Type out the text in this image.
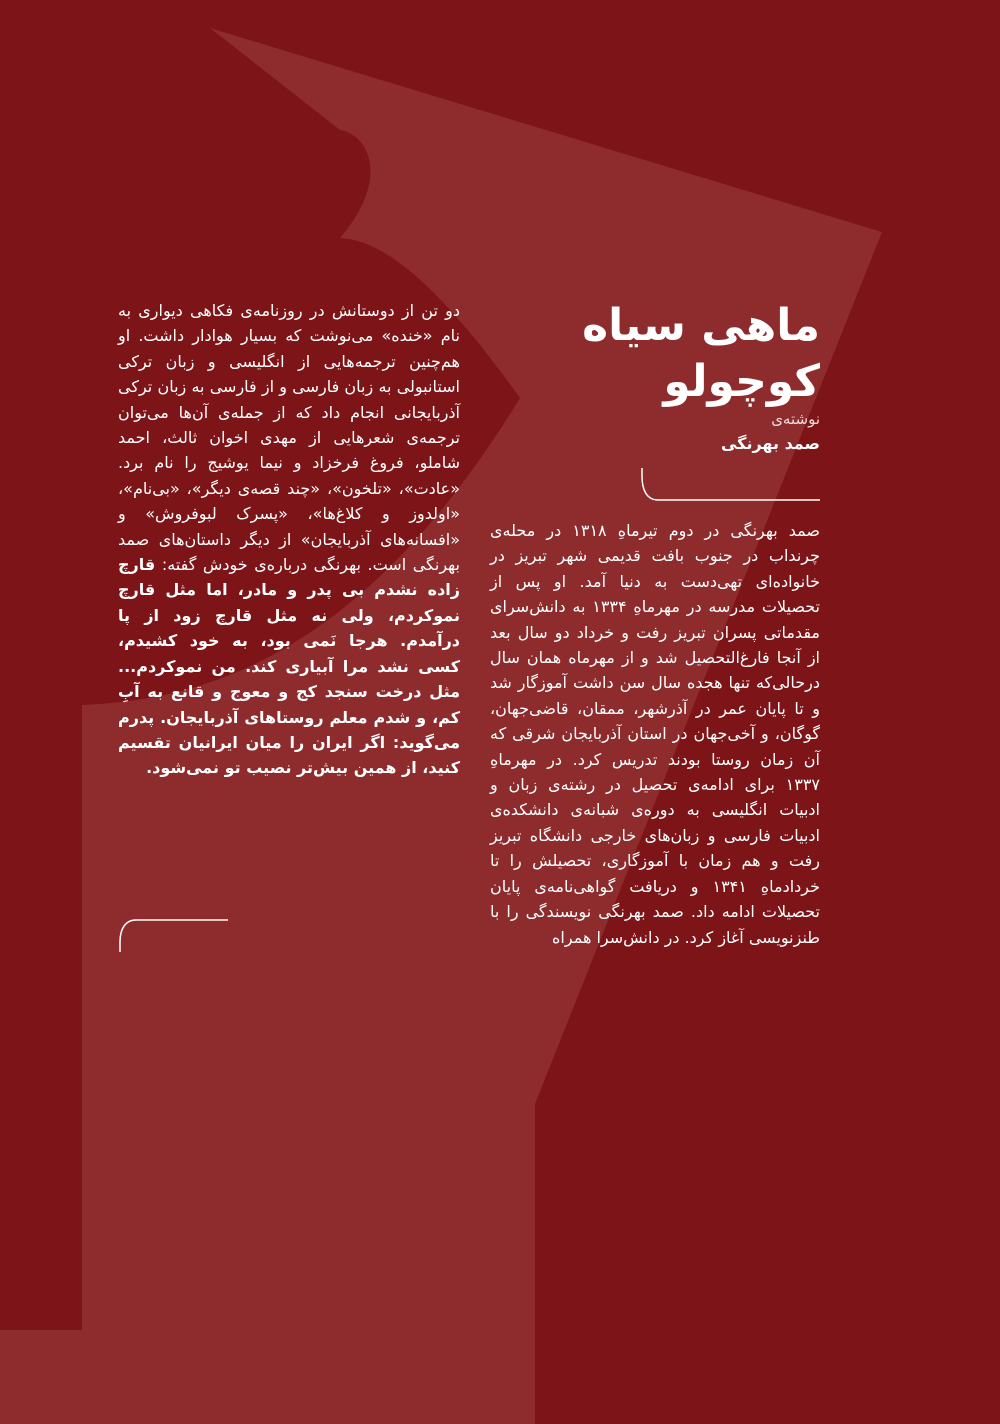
ماهی سیاه کوچولو
نوشته‌ی
صمد بهرنگی

صمد بهرنگی در دوم تیرماهِ ۱۳۱۸ در محله‌ی چرنداب در جنوب بافت قدیمی شهر تبریز در خانواده‌ای تهی‌دست به دنیا آمد. او پس از تحصیلات مدرسه در مهرماهِ ۱۳۳۴ به دانش‌سرای مقدماتی پسران تبریز رفت و خرداد دو سال بعد از آنجا فارغ‌التحصیل شد و از مهرماه همان سال درحالی‌که تنها هجده سال سن داشت آموزگار شد و تا پایان عمر در آذرشهر، ممقان، قاضی‌جهان، گوگان، و آخی‌جهان در استان آذربایجان شرقی که آن زمان روستا بودند تدریس کرد. در مهرماهِ ۱۳۳۷ برای ادامه‌ی تحصیل در رشته‌ی زبان و ادبیات انگلیسی به دوره‌ی شبانه‌ی دانشکده‌ی ادبیات فارسی و زبان‌های خارجی دانشگاه تبریز رفت و هم زمان با آموزگاری، تحصیلش را تا خردادماهِ ۱۳۴۱ و دریافت گواهی‌نامه‌ی پایان تحصیلات ادامه داد. صمد بهرنگی نویسندگی را با طنزنویسی آغاز کرد. در دانش‌سرا همراه

دو تن از دوستانش در روزنامه‌ی فکاهی دیواری به نام «خنده» می‌نوشت که بسیار هوادار داشت. او هم‌چنین ترجمه‌هایی از انگلیسی و زبان ترکی استانبولی به زبان فارسی و از فارسی به زبان ترکی آذربایجانی انجام داد که از جمله‌ی آن‌ها می‌توان ترجمه‌ی شعرهایی از مهدی اخوان ثالث، احمد شاملو، فروغ فرخزاد و نیما یوشیج را نام برد. «عادت»، «تلخون»، «چند قصه‌ی دیگر»، «بی‌نام»، «اولدوز و کلاغ‌ها»، «پسرک لبوفروش» و «افسانه‌های آذربایجان» از دیگر داستان‌های صمد بهرنگی است. بهرنگی درباره‌ی خودش گفته: قارچ زاده نشدم بی پدر و مادر، اما مثل قارچ نموکردم، ولی نه مثل قارچ زود از پا درآمدم. هرجا نَمی بود، به خود کشیدم، کسی نشد مرا آبیاری کند. من نموکردم... مثل درخت سنجد کج و معوج و قانع به آبِ کم، و شدم معلم روستاهای آذربایجان. پدرم می‌گوید: اگر ایران را میان ایرانیان تقسیم کنید، از همین بیش‌تر نصیب تو نمی‌شود.
